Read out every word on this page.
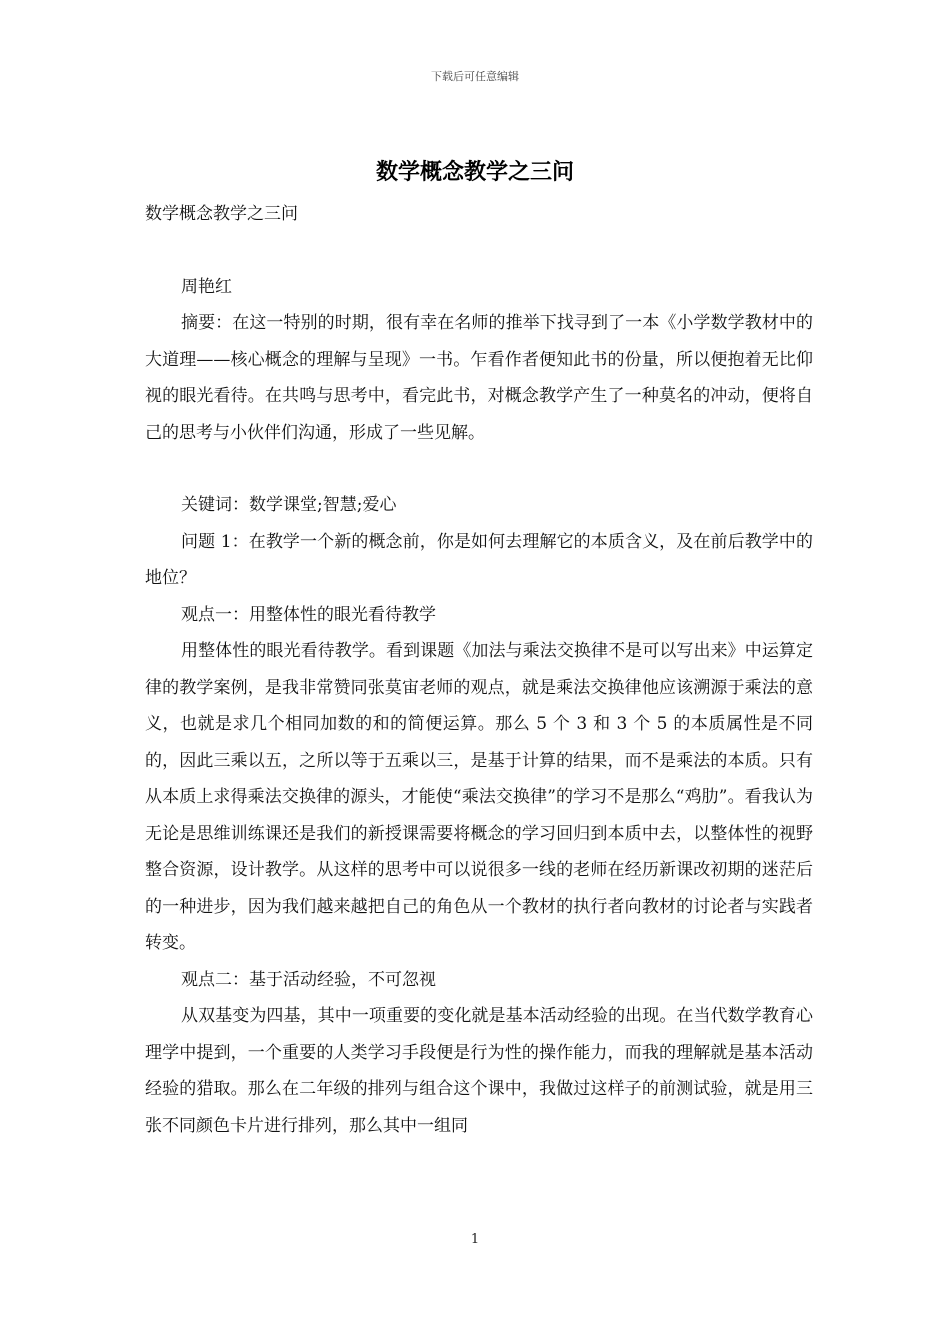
下载后可任意编辑
数学概念教学之三问

数学概念教学之三问

周艳红

摘要：在这一特别的时期，很有幸在名师的推举下找寻到了一本《小学数学教材中的大道理——核心概念的理解与呈现》一书。乍看作者便知此书的份量，所以便抱着无比仰视的眼光看待。在共鸣与思考中，看完此书，对概念教学产生了一种莫名的冲动，便将自己的思考与小伙伴们沟通，形成了一些见解。

关键词：数学课堂;智慧;爱心

问题 1：在教学一个新的概念前，你是如何去理解它的本质含义，及在前后教学中的地位？

观点一：用整体性的眼光看待教学

用整体性的眼光看待教学。看到课题《加法与乘法交换律不是可以写出来》中运算定律的教学案例，是我非常赞同张莫宙老师的观点，就是乘法交换律他应该溯源于乘法的意义，也就是求几个相同加数的和的简便运算。那么 5 个 3 和 3 个 5 的本质属性是不同的，因此三乘以五，之所以等于五乘以三，是基于计算的结果，而不是乘法的本质。只有从本质上求得乘法交换律的源头，才能使“乘法交换律”的学习不是那么“鸡肋”。看我认为无论是思维训练课还是我们的新授课需要将概念的学习回归到本质中去，以整体性的视野整合资源，设计教学。从这样的思考中可以说很多一线的老师在经历新课改初期的迷茫后的一种进步，因为我们越来越把自己的角色从一个教材的执行者向教材的讨论者与实践者转变。

观点二：基于活动经验，不可忽视

从双基变为四基，其中一项重要的变化就是基本活动经验的出现。在当代数学教育心理学中提到，一个重要的人类学习手段便是行为性的操作能力，而我的理解就是基本活动经验的猎取。那么在二年级的排列与组合这个课中，我做过这样子的前测试验，就是用三张不同颜色卡片进行排列，那么其中一组同

1
